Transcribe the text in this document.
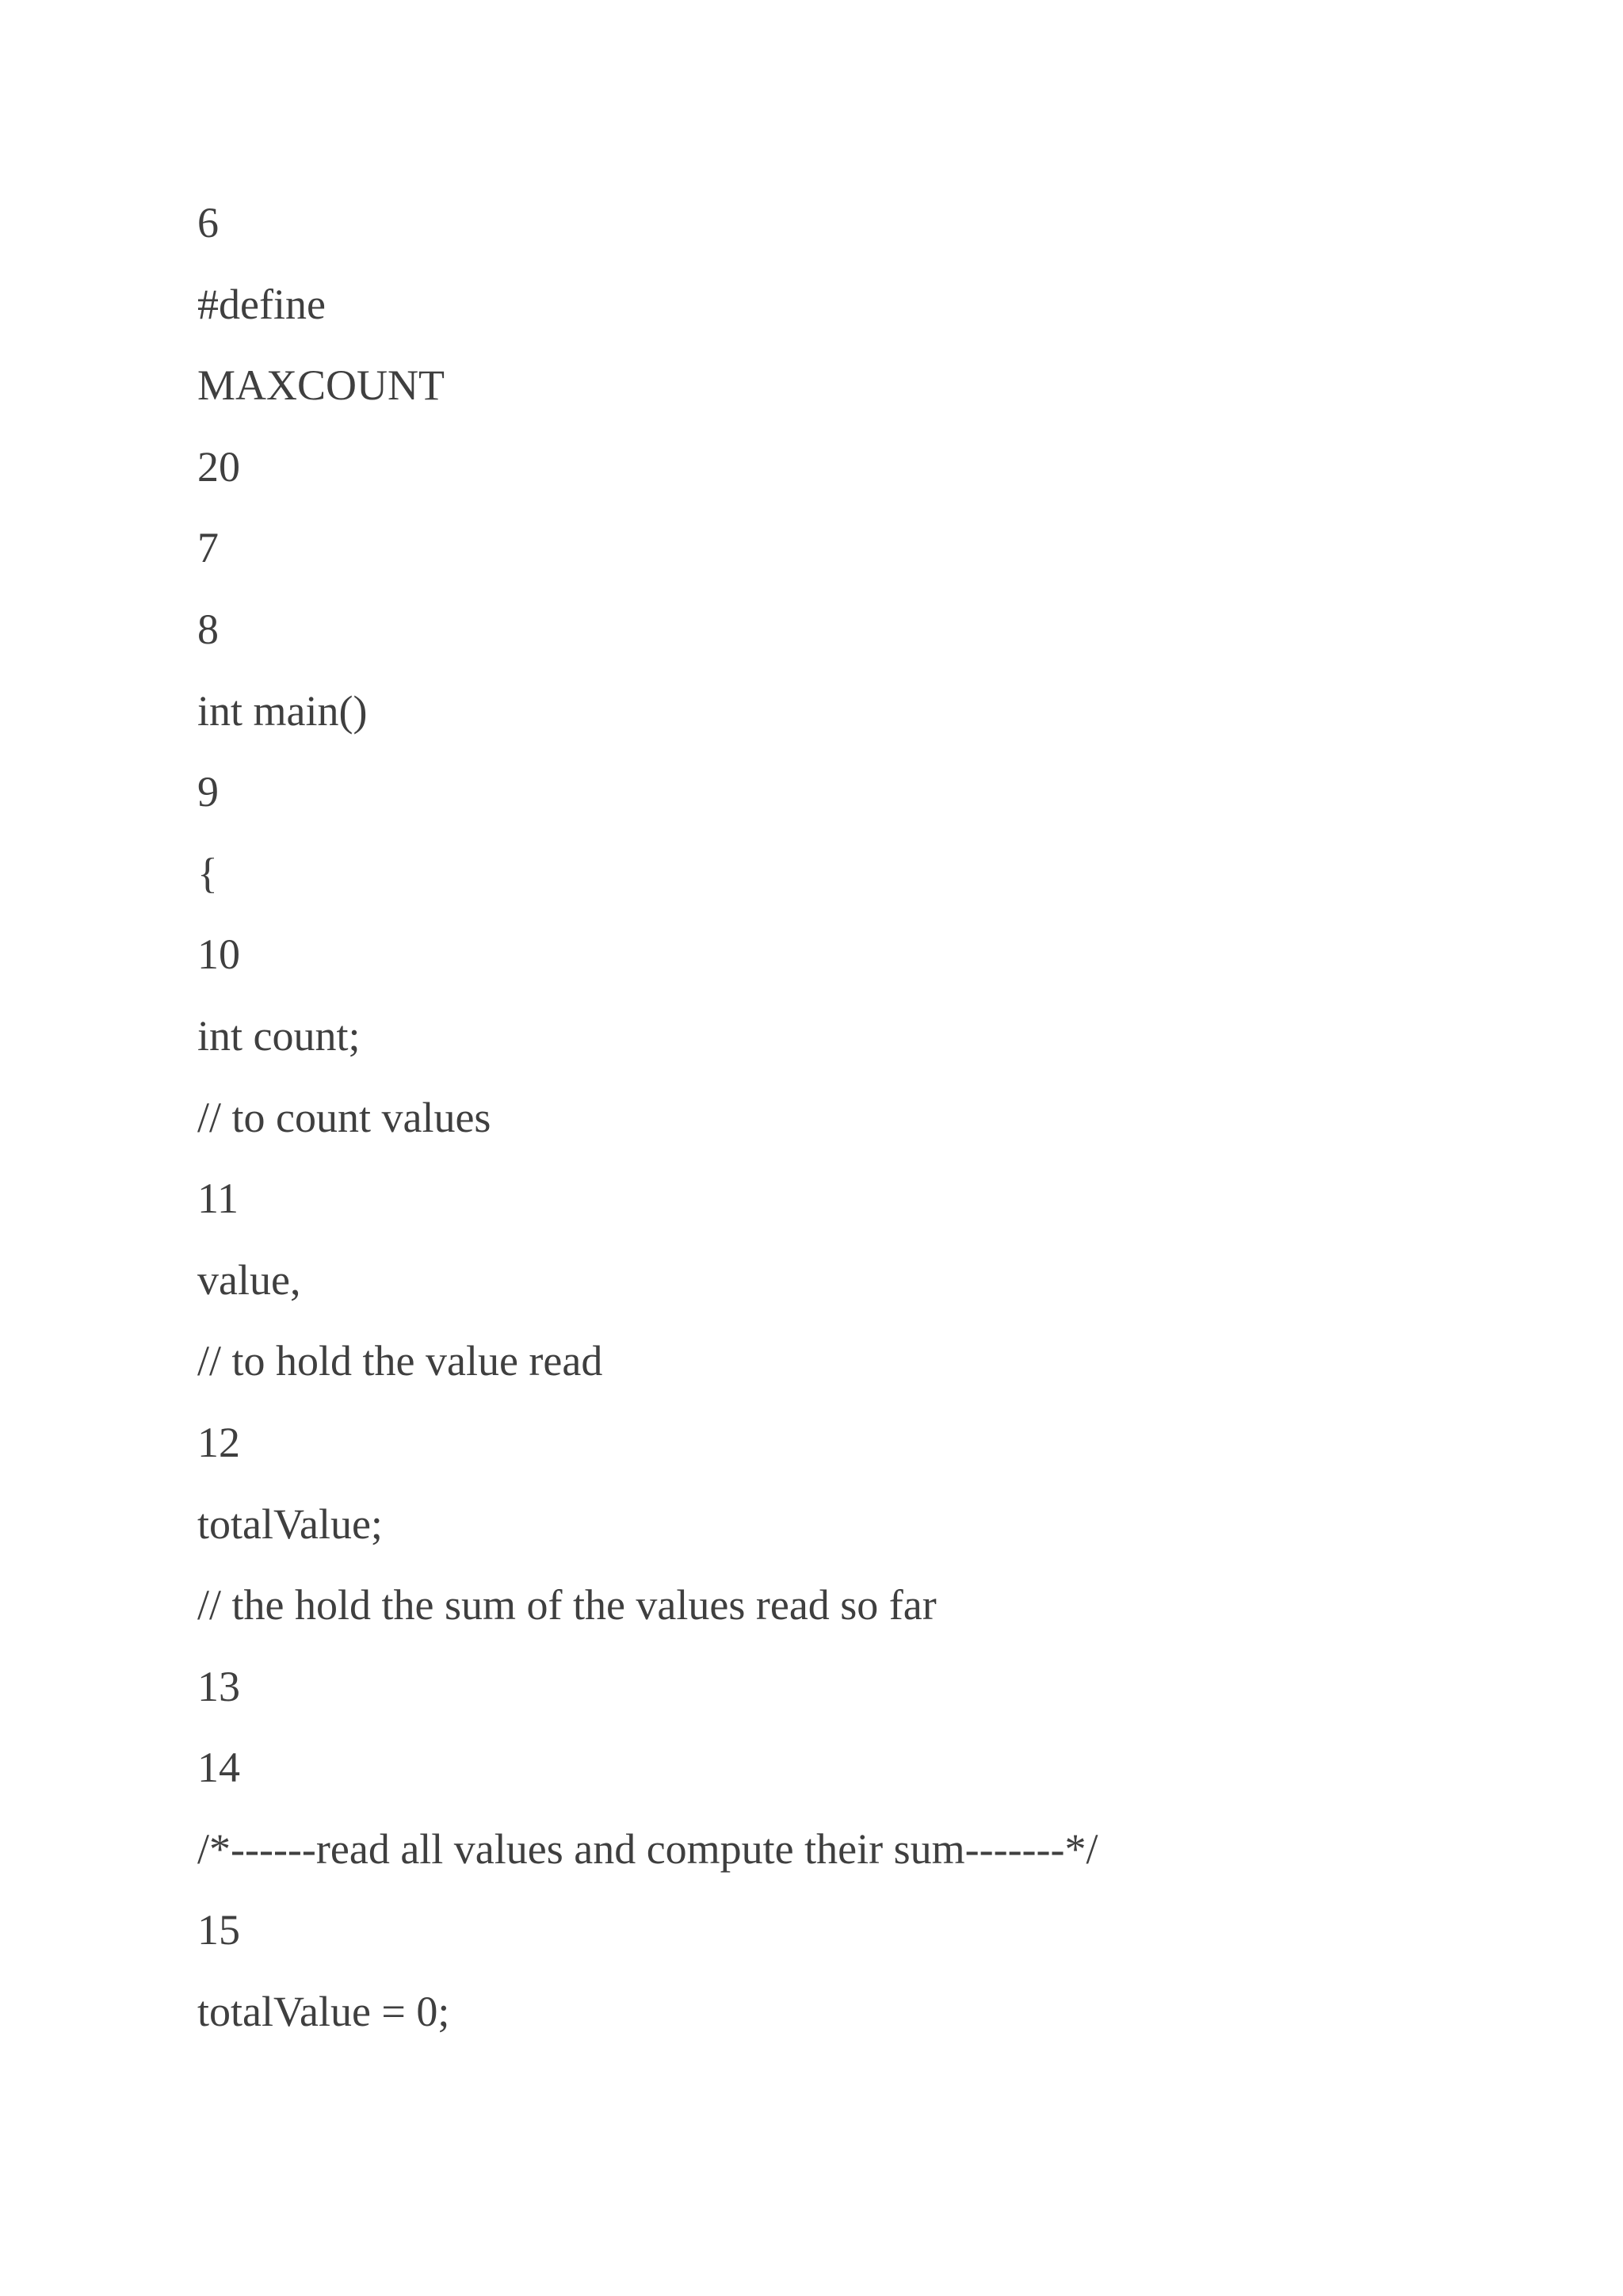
6
#define
MAXCOUNT
20
7
8
int main()
9
{
10
int count;
// to count values
11
value,
// to hold the value read
12
totalValue;
// the hold the sum of the values read so far
13
14
/*------read all values and compute their sum-------*/
15
totalValue = 0;
